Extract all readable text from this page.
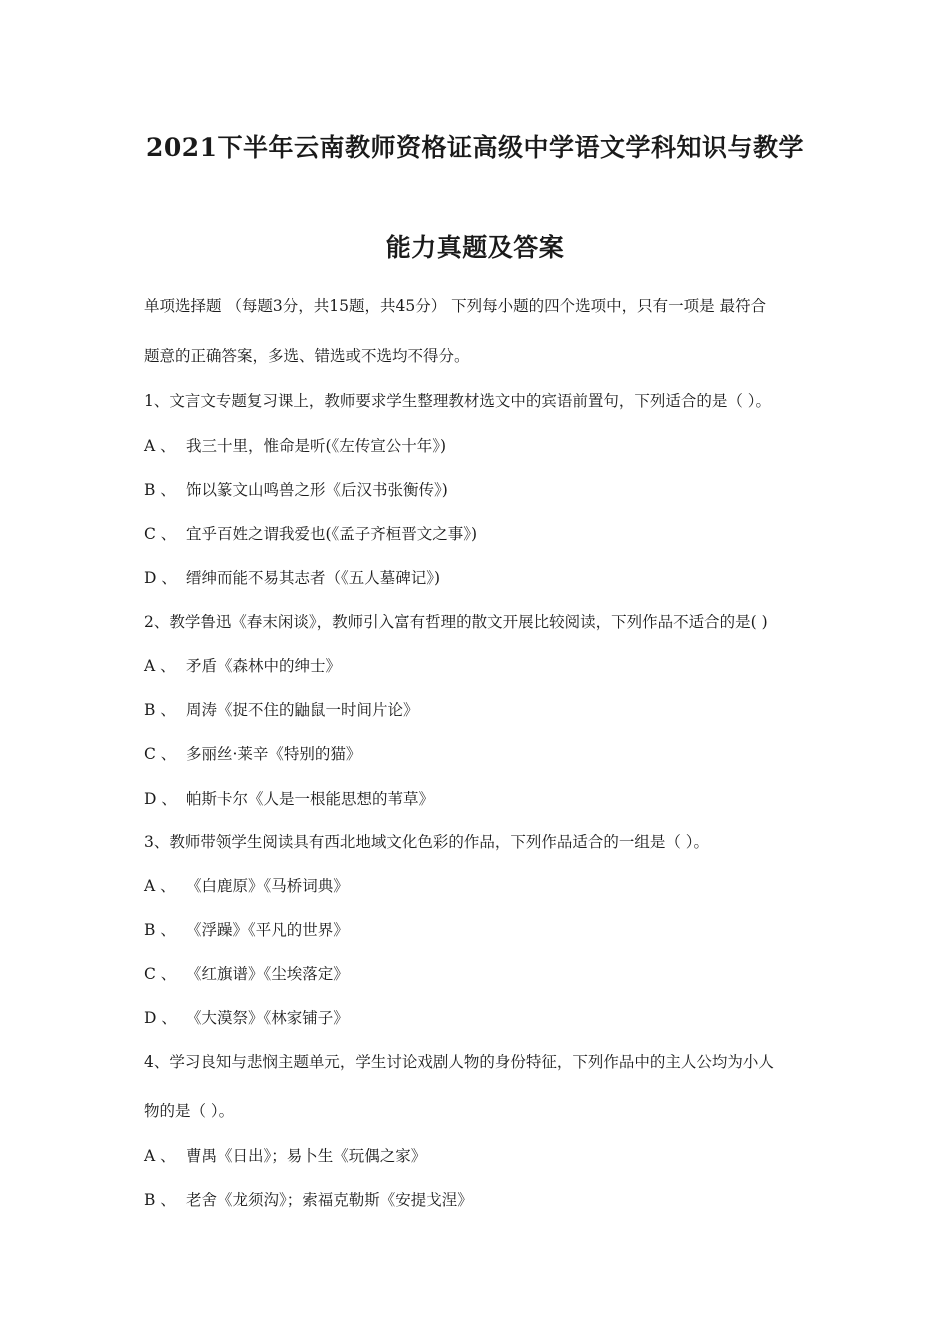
2021下半年云南教师资格证高级中学语文学科知识与教学
能力真题及答案
单项选择题 （每题3分，共15题，共45分） 下列每小题的四个选项中，只有一项是 最符合
题意的正确答案，多选、错选或不选均不得分。
1、文言文专题复习课上，教师要求学生整理教材选文中的宾语前置句，下列适合的是（ ）。
A 、 我三十里，惟命是听(《左传宣公十年》)
B 、 饰以篆文山鸣兽之形《后汉书张衡传》)
C 、 宜乎百姓之谓我爱也(《孟子齐桓晋文之事》)
D 、 缙绅而能不易其志者（《五人墓碑记》)
2、教学鲁迅《春末闲谈》，教师引入富有哲理的散文开展比较阅读，下列作品不适合的是( )
A 、 矛盾《森林中的绅士》
B 、 周涛《捉不住的鼬鼠一时间片论》
C 、 多丽丝·莱辛《特别的猫》
D 、 帕斯卡尔《人是一根能思想的苇草》
3、教师带领学生阅读具有西北地域文化色彩的作品，下列作品适合的一组是（ ）。
A 、 《白鹿原》《马桥词典》
B 、 《浮躁》《平凡的世界》
C 、 《红旗谱》《尘埃落定》
D 、 《大漠祭》《林家铺子》
4、学习良知与悲悯主题单元，学生讨论戏剧人物的身份特征，下列作品中的主人公均为小人
物的是（ ）。
A 、 曹禺《日出》；易卜生《玩偶之家》
B 、 老舍《龙须沟》；索福克勒斯《安提戈涅》
